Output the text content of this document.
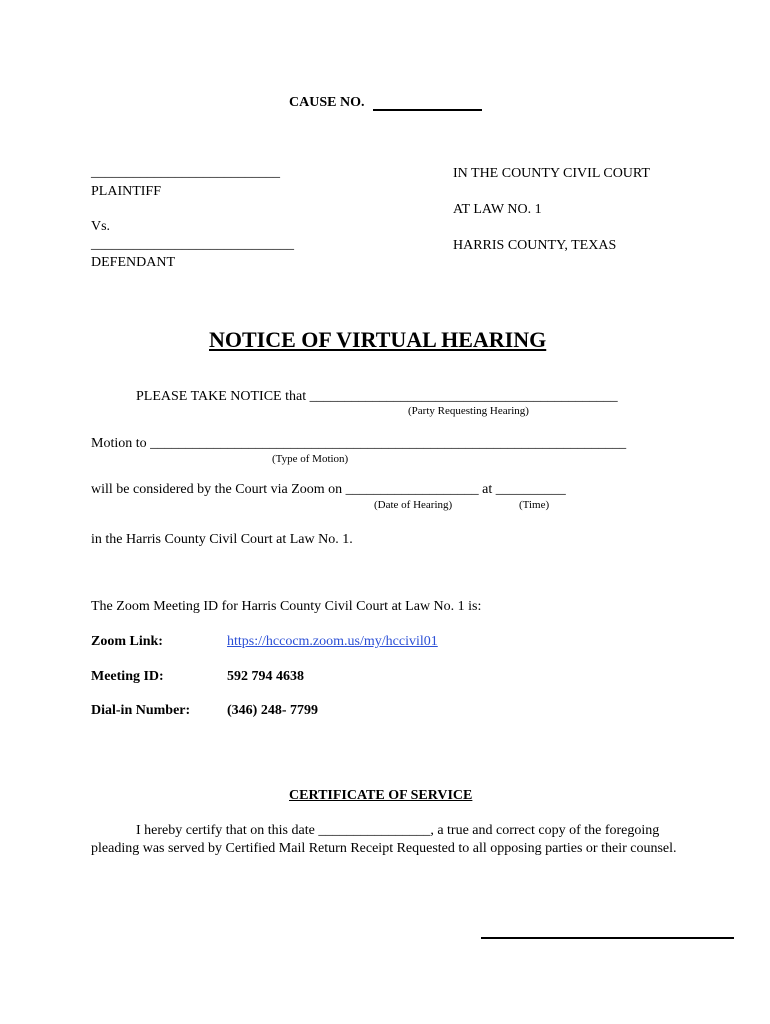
CAUSE NO.
___________________________
PLAINTIFF
Vs.
_____________________________
DEFENDANT
IN THE COUNTY CIVIL COURT
AT LAW NO. 1
HARRIS COUNTY, TEXAS
NOTICE OF VIRTUAL HEARING
PLEASE TAKE NOTICE that ____________________________________________
(Party Requesting Hearing)
Motion to ____________________________________________________________________
(Type of Motion)
will be considered by the Court via Zoom on ___________________ at __________
(Date of Hearing)	(Time)
in the Harris County Civil Court at Law No. 1.
The Zoom Meeting ID for Harris County Civil Court at Law No. 1 is:
Zoom Link:	https://hccocm.zoom.us/my/hccivil01
Meeting ID:	592 794 4638
Dial-in Number:	(346) 248- 7799
CERTIFICATE OF SERVICE
I hereby certify that on this date ________________, a true and correct copy of the foregoing pleading was served by Certified Mail Return Receipt Requested to all opposing parties or their counsel.
